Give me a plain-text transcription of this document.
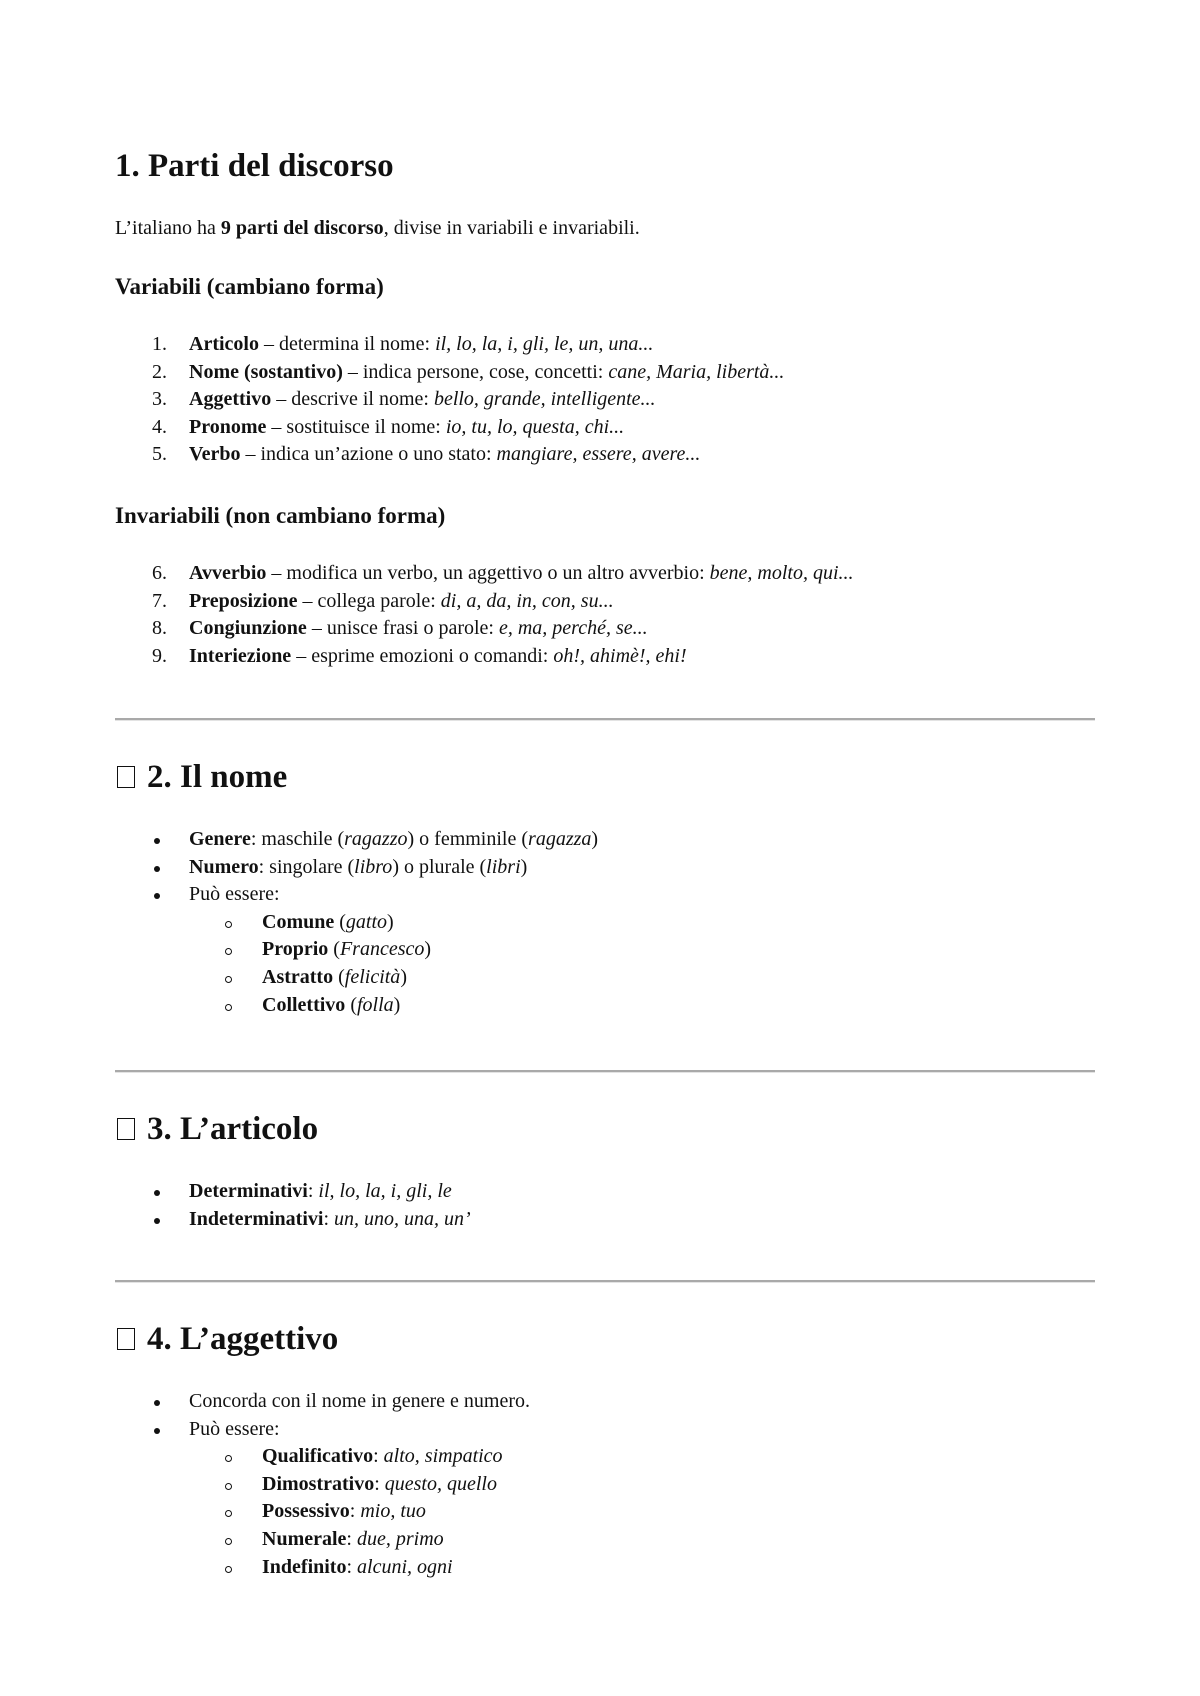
1. Parti del discorso

L’italiano ha 9 parti del discorso, divise in variabili e invariabili.

Variabili (cambiano forma)
1.	Articolo – determina il nome: il, lo, la, i, gli, le, un, una...
2.	Nome (sostantivo) – indica persone, cose, concetti: cane, Maria, libertà...
3.	Aggettivo – descrive il nome: bello, grande, intelligente...
4.	Pronome – sostituisce il nome: io, tu, lo, questa, chi...
5.	Verbo – indica un’azione o uno stato: mangiare, essere, avere...
Invariabili (non cambiano forma)
6.	Avverbio – modifica un verbo, un aggettivo o un altro avverbio: bene, molto, qui...
7.	Preposizione – collega parole: di, a, da, in, con, su...
8.	Congiunzione – unisce frasi o parole: e, ma, perché, se...
9.	Interiezione – esprime emozioni o comandi: oh!, ahimè!, ehi!
2. Il nome
Genere: maschile (ragazzo) o femminile (ragazza)
Numero: singolare (libro) o plurale (libri)
Può essere:
Comune (gatto)
Proprio (Francesco)
Astratto (felicità)
Collettivo (folla)
3. L’articolo
Determinativi: il, lo, la, i, gli, le
Indeterminativi: un, uno, una, un’
4. L’aggettivo
Concorda con il nome in genere e numero.
Può essere:
Qualificativo: alto, simpatico
Dimostrativo: questo, quello
Possessivo: mio, tuo
Numerale: due, primo
Indefinito: alcuni, ogni
